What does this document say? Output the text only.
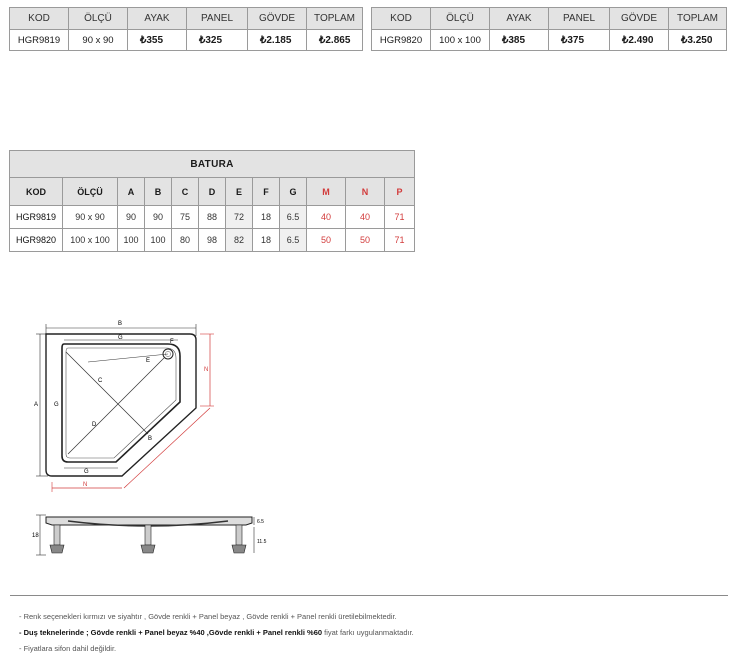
KOD	ÖLÇÜ	AYAK	PANEL	GÖVDE	TOPLAM
HGR9819	90 x 90	₺355	₺325	₺2.185	₺2.865
KOD	ÖLÇÜ	AYAK	PANEL	GÖVDE	TOPLAM
HGR9820	100 x 100	₺385	₺375	₺2.490	₺3.250
BATURA											
KOD	ÖLÇÜ	A	B	C	D	E	F	G	M	N	P
HGR9819	90 x 90	90	90	75	88	72	18	6.5	40	40	71
HGR9820	100 x 100	100	100	80	98	82	18	6.5	50	50	71
B
A
C
D
E
F
G
G
G
B
N
N
18
6.5
11.5
- Renk seçenekleri kırmızı ve siyahtır , Gövde renkli + Panel beyaz , Gövde renkli + Panel renkli üretilebilmektedir.
- Duş teknelerinde ; Gövde renkli + Panel beyaz %40 ,Gövde renkli + Panel renkli %60 fiyat farkı uygulanmaktadır.
- Fiyatlara sifon dahil değildir.
